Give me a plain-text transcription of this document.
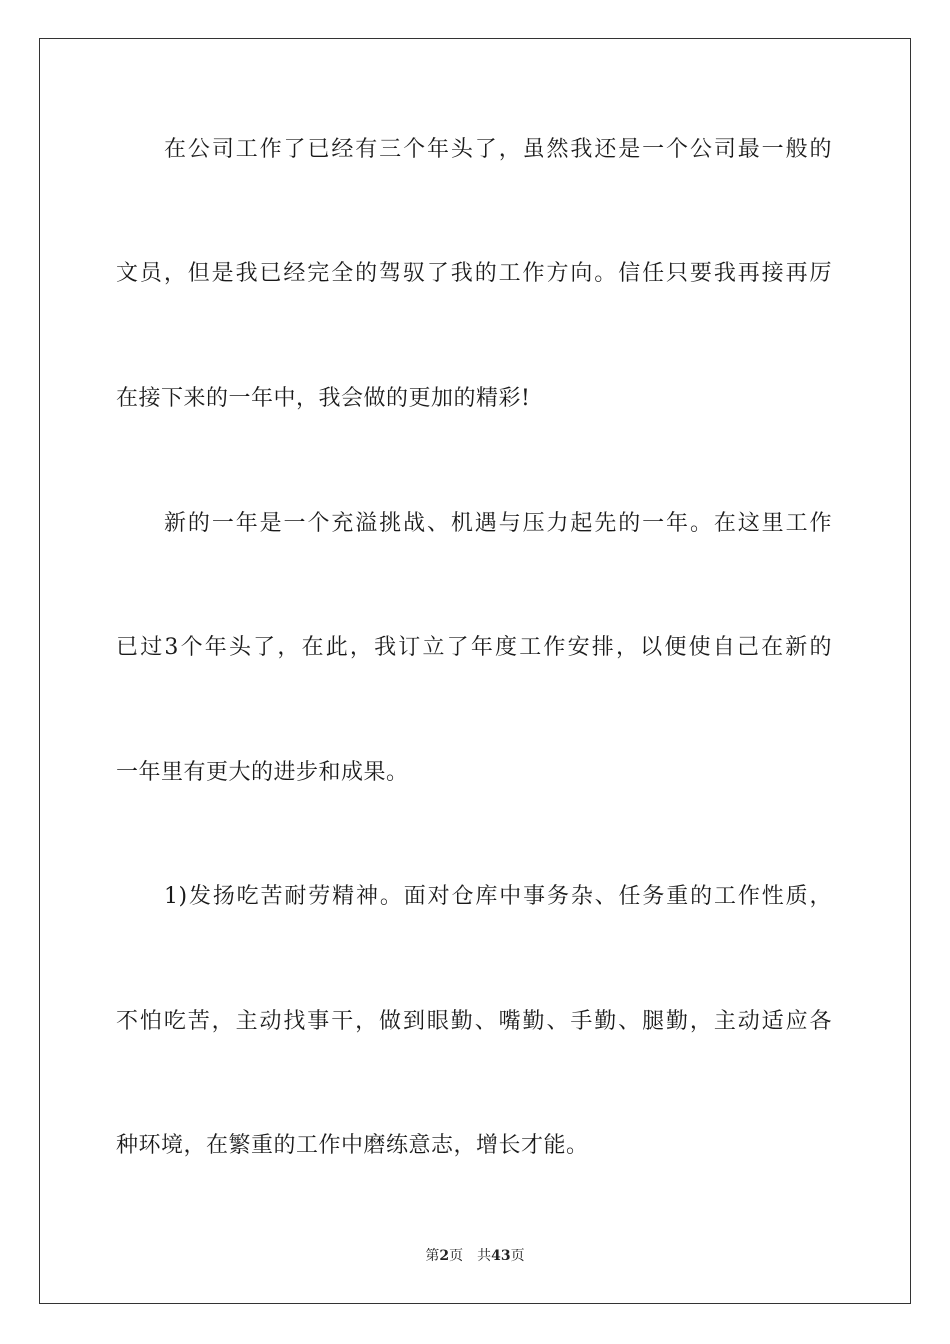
在公司工作了已经有三个年头了，虽然我还是一个公司最一般的
文员，但是我已经完全的驾驭了我的工作方向。信任只要我再接再厉
在接下来的一年中，我会做的更加的精彩!
新的一年是一个充溢挑战、机遇与压力起先的一年。在这里工作
已过3个年头了，在此，我订立了年度工作安排，以便使自己在新的
一年里有更大的进步和成果。
1)发扬吃苦耐劳精神。面对仓库中事务杂、任务重的工作性质，
不怕吃苦，主动找事干，做到眼勤、嘴勤、手勤、腿勤，主动适应各
种环境，在繁重的工作中磨练意志，增长才能。
第2页 共43页
